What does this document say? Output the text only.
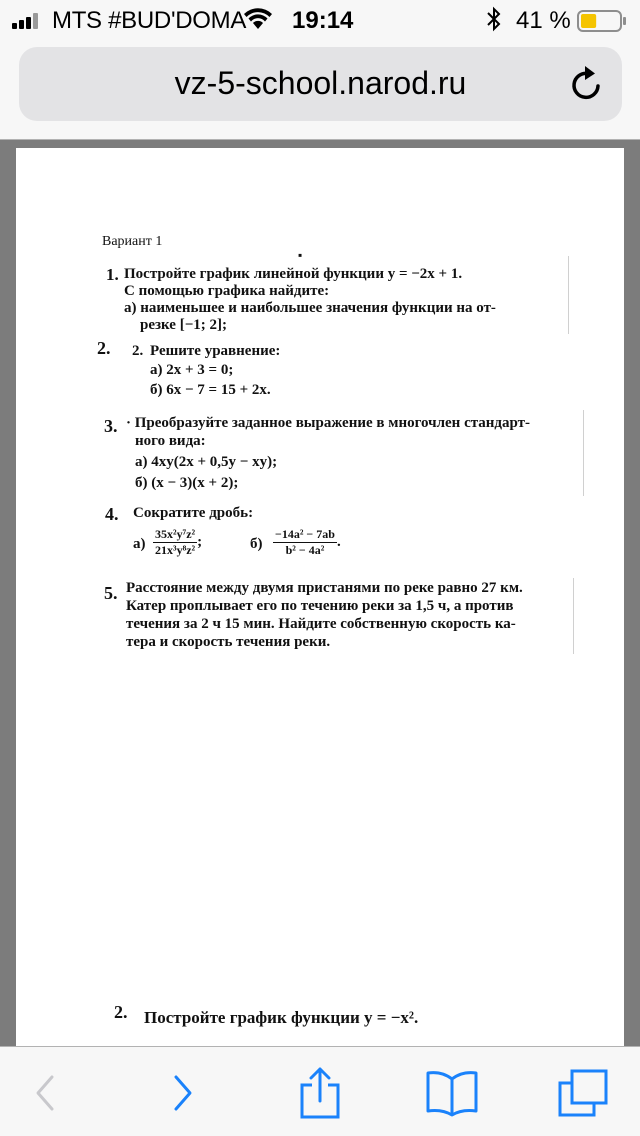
MTS #BUD'DOMA 19:14	41 %
vz-5-school.narod.ru
Вариант 1
▪
1. Постройте график линейной функции y = −2x + 1.
С помощью графика найдите:
а) наименьшее и наибольшее значения функции на от-
резке [−1; 2];
2. 2. Решите уравнение:
а) 2x + 3 = 0;
б) 6x − 7 = 15 + 2x.
3. · Преобразуйте заданное выражение в многочлен стандарт-
ного вида:
а) 4xy(2x + 0,5y − xy);
б) (x − 3)(x + 2);
4. Сократите дробь:
$а) \frac{\text{35x²y⁷z²}}{\text{21x³y⁸z²}}$ ;	$б) \frac{\text{−14a² − 7ab}}{\text{b² − 4a²}}$ .
5. Расстояние между двумя пристанями по реке равно 27 км.
Катер проплывает его по течению реки за 1,5 ч, а против
течения за 2 ч 15 мин. Найдите собственную скорость ка-
тера и скорость течения реки.
2. Постройте график функции y = −x².
